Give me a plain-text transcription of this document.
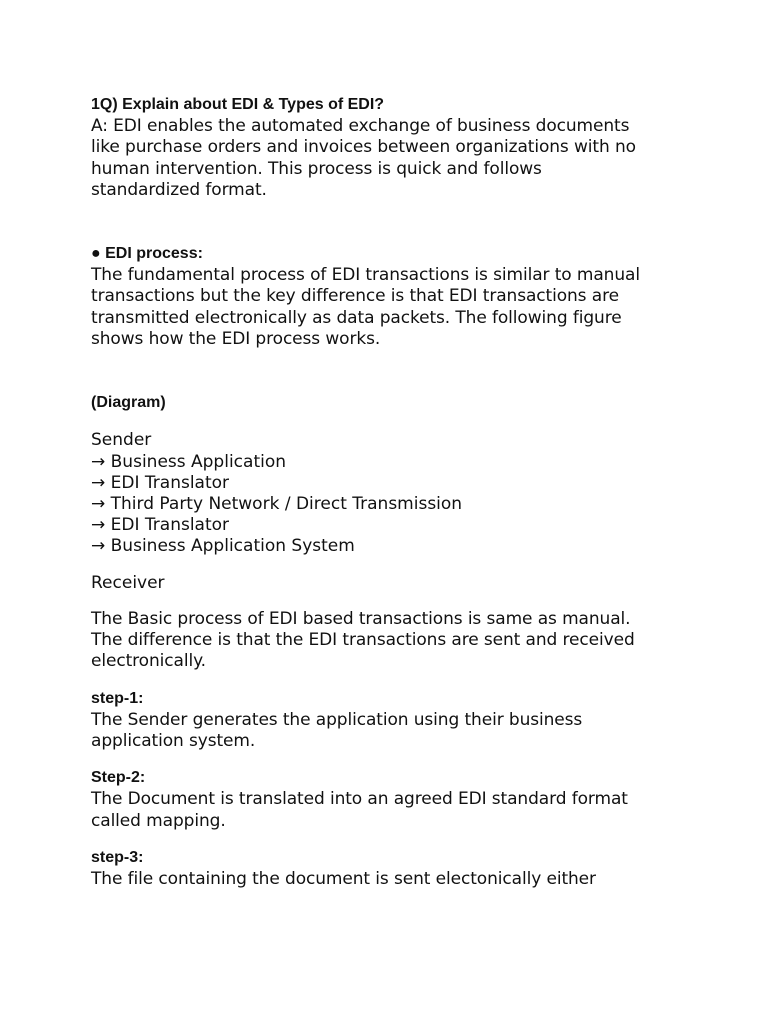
1Q) Explain about EDI & Types of EDI?

A: EDI enables the automated exchange of business documents
like purchase orders and invoices between organizations with no
human intervention. This process is quick and follows
standardized format.

● EDI process:

The fundamental process of EDI transactions is similar to manual
transactions but the key difference is that EDI transactions are
transmitted electronically as data packets. The following figure
shows how the EDI process works.

(Diagram)

Sender
→ Business Application
→ EDI Translator
→ Third Party Network / Direct Transmission
→ EDI Translator
→ Business Application System
Receiver

The Basic process of EDI based transactions is same as manual.
The difference is that the EDI transactions are sent and received
electronically.

step-1:

The Sender generates the application using their business
application system.

Step-2:

The Document is translated into an agreed EDI standard format
called mapping.

step-3:

The file containing the document is sent electonically either
